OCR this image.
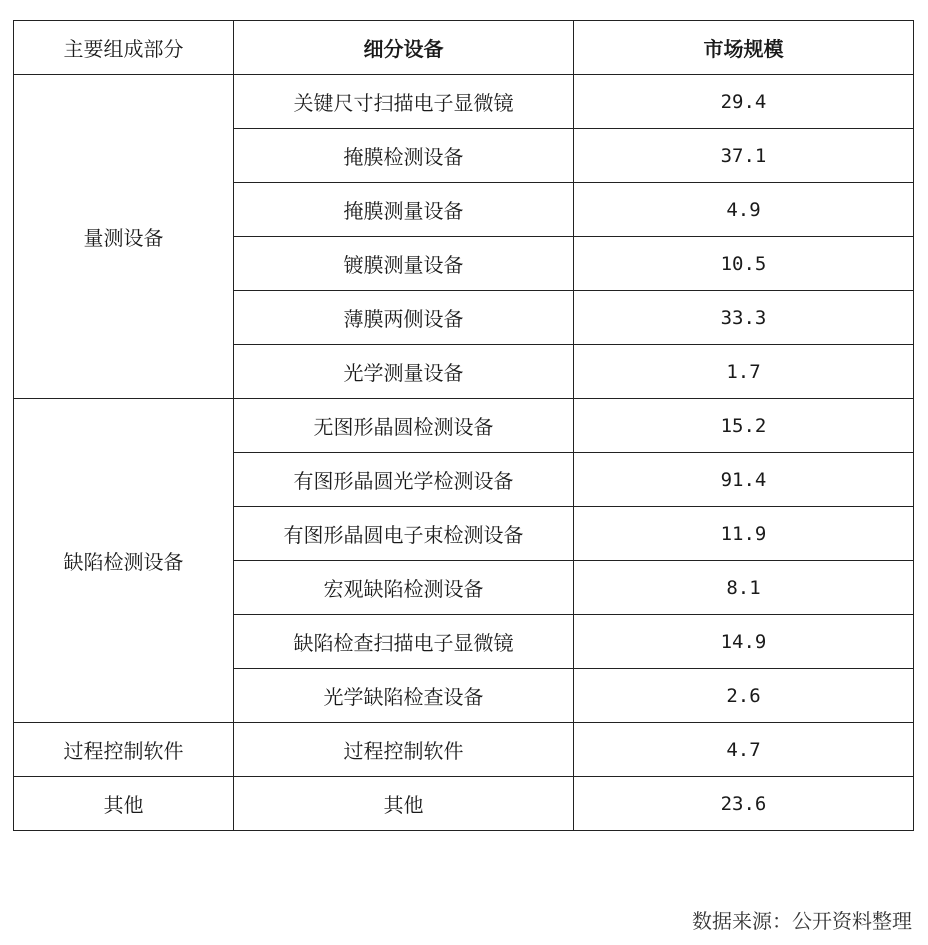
主要组成部分	细分设备	市场规模
量测设备	关键尺寸扫描电子显微镜	29.4
	掩膜检测设备	37.1
	掩膜测量设备	4.9
	镀膜测量设备	10.5
	薄膜两侧设备	33.3
	光学测量设备	1.7
缺陷检测设备	无图形晶圆检测设备	15.2
	有图形晶圆光学检测设备	91.4
	有图形晶圆电子束检测设备	11.9
	宏观缺陷检测设备	8.1
	缺陷检查扫描电子显微镜	14.9
	光学缺陷检查设备	2.6
过程控制软件	过程控制软件	4.7
其他	其他	23.6
数据来源：公开资料整理
